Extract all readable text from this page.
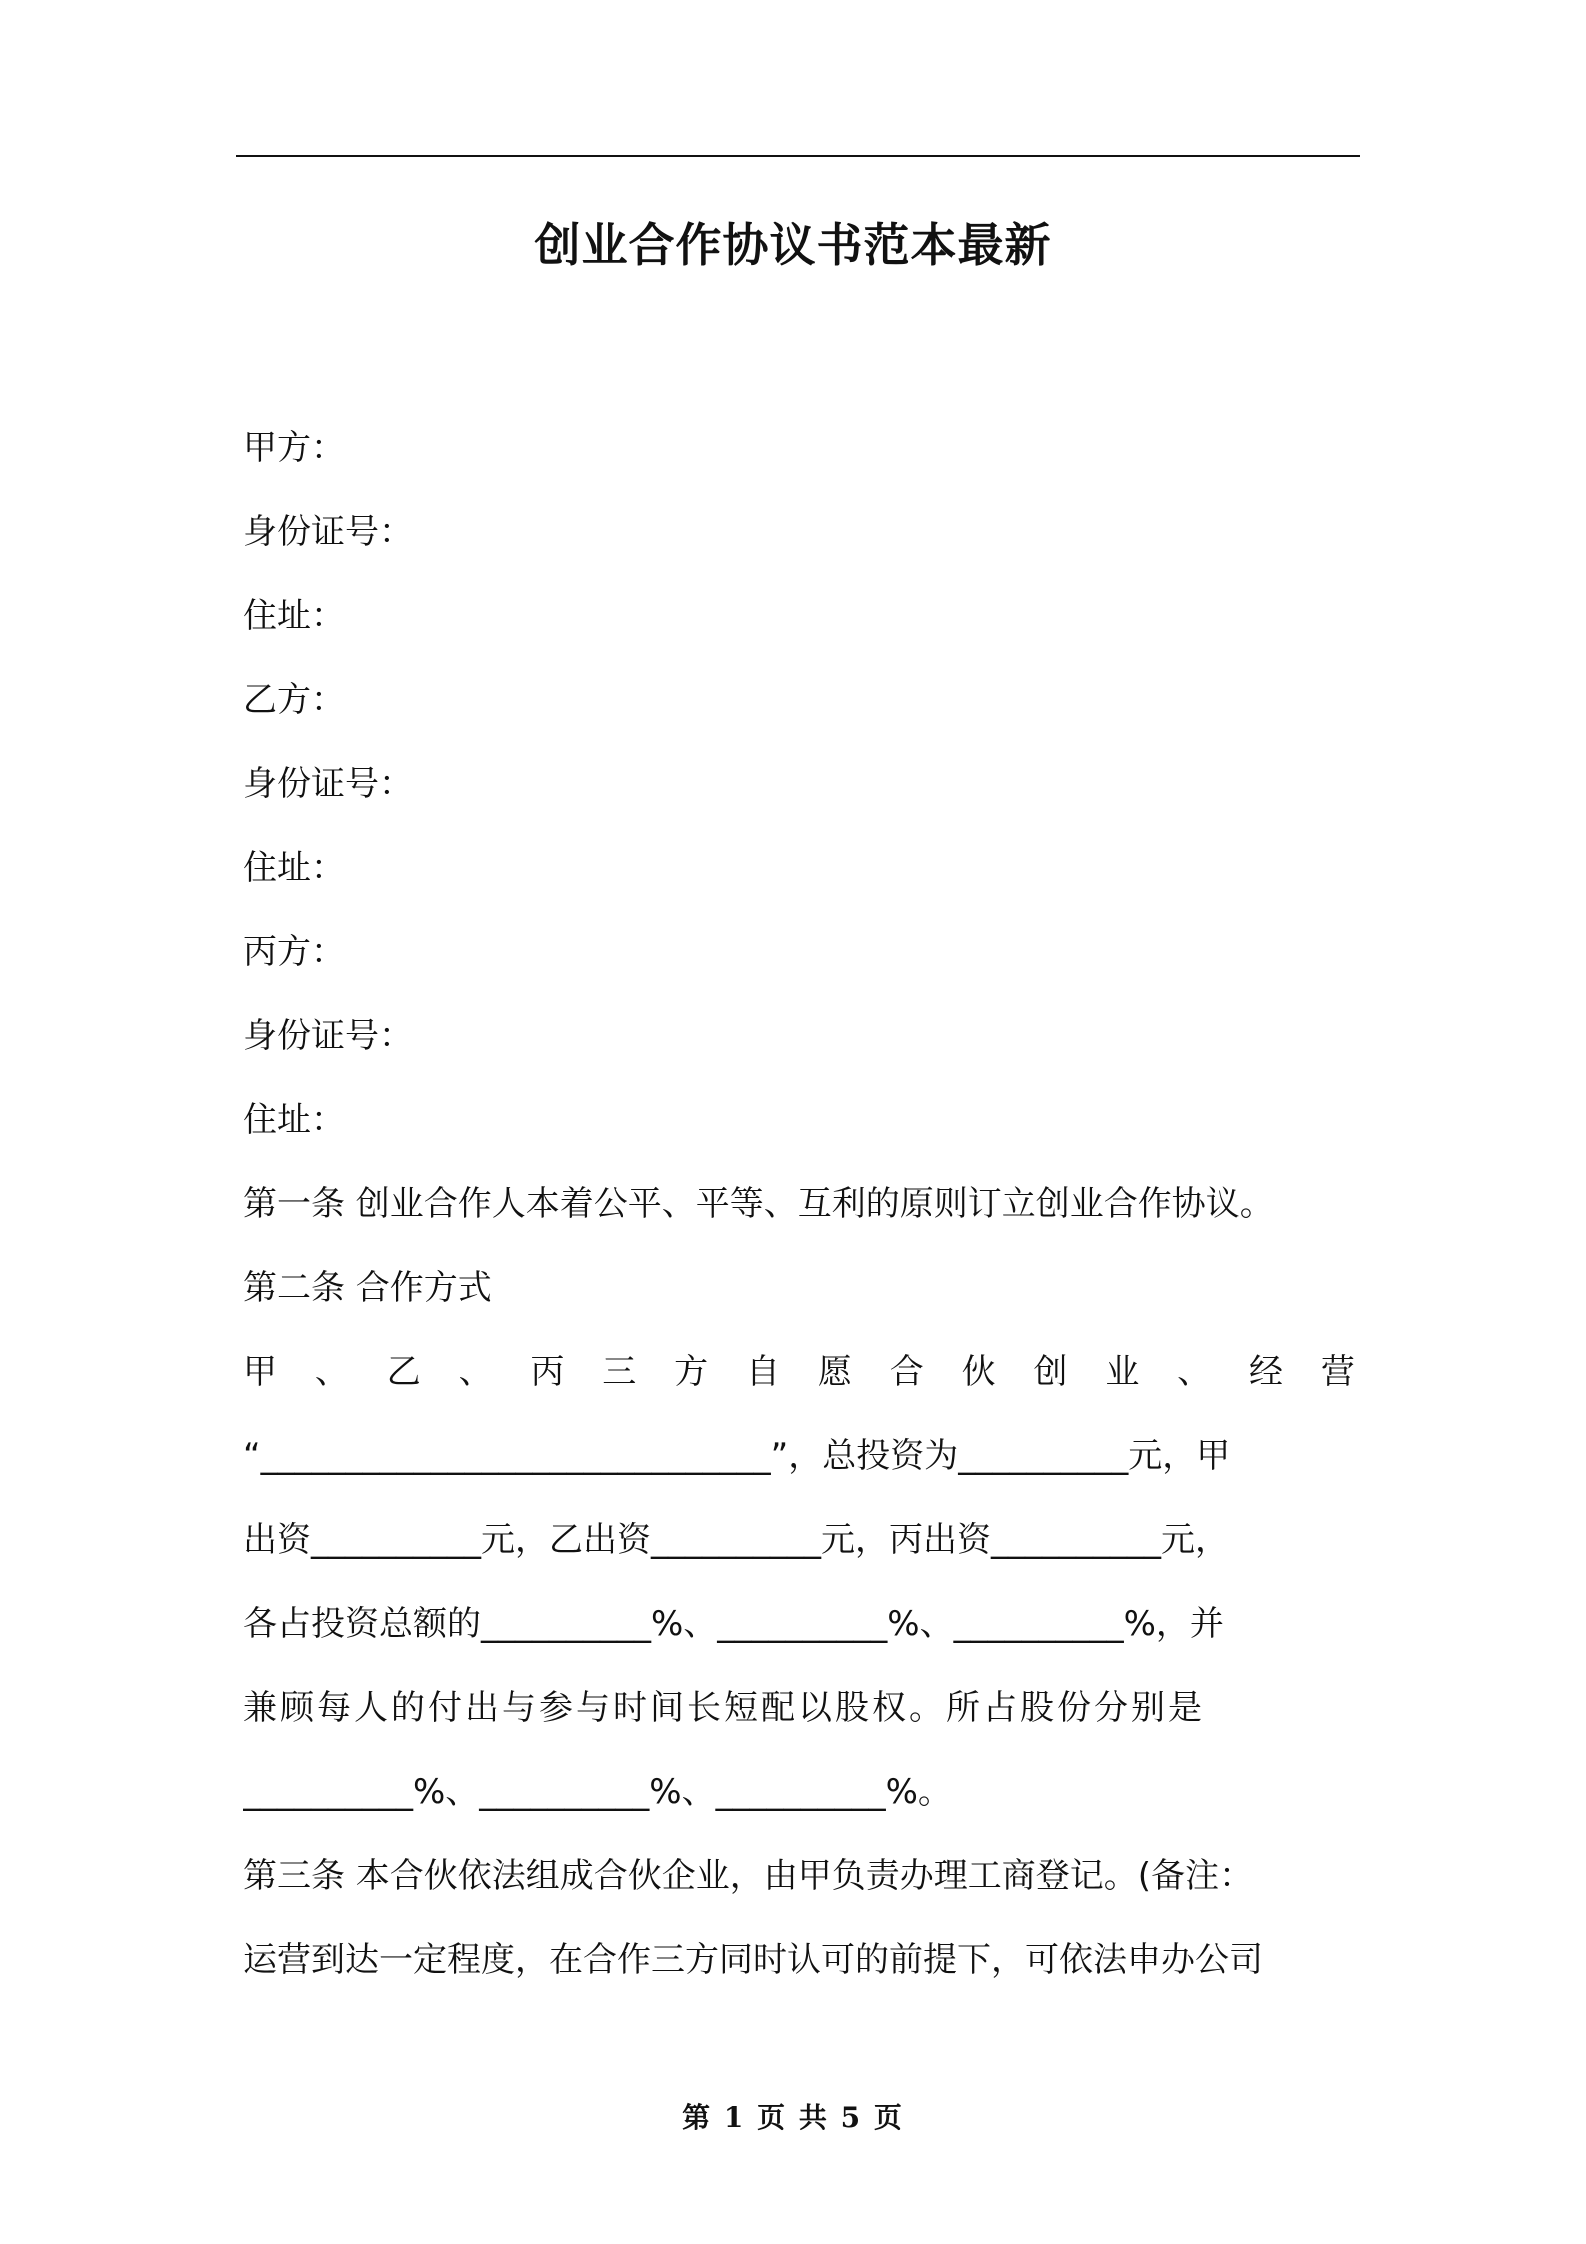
创业合作协议书范本最新
甲方：
身份证号：
住址：
乙方：
身份证号：
住址：
丙方：
身份证号：
住址：
第一条 创业合作人本着公平、平等、互利的原则订立创业合作协议。
第二条 合作方式
甲 、 乙 、 丙 三 方 自 愿 合 伙 创 业 、 经 营
“______________________________”，总投资为__________元，甲
出资__________元，乙出资__________元，丙出资__________元，
各占投资总额的__________%、__________%、__________%，并
兼顾每人的付出与参与时间长短配以股权。所占股份分别是
__________%、__________%、__________%。
第三条 本合伙依法组成合伙企业，由甲负责办理工商登记。(备注：
运营到达一定程度，在合作三方同时认可的前提下，可依法申办公司
第 1 页 共 5 页
